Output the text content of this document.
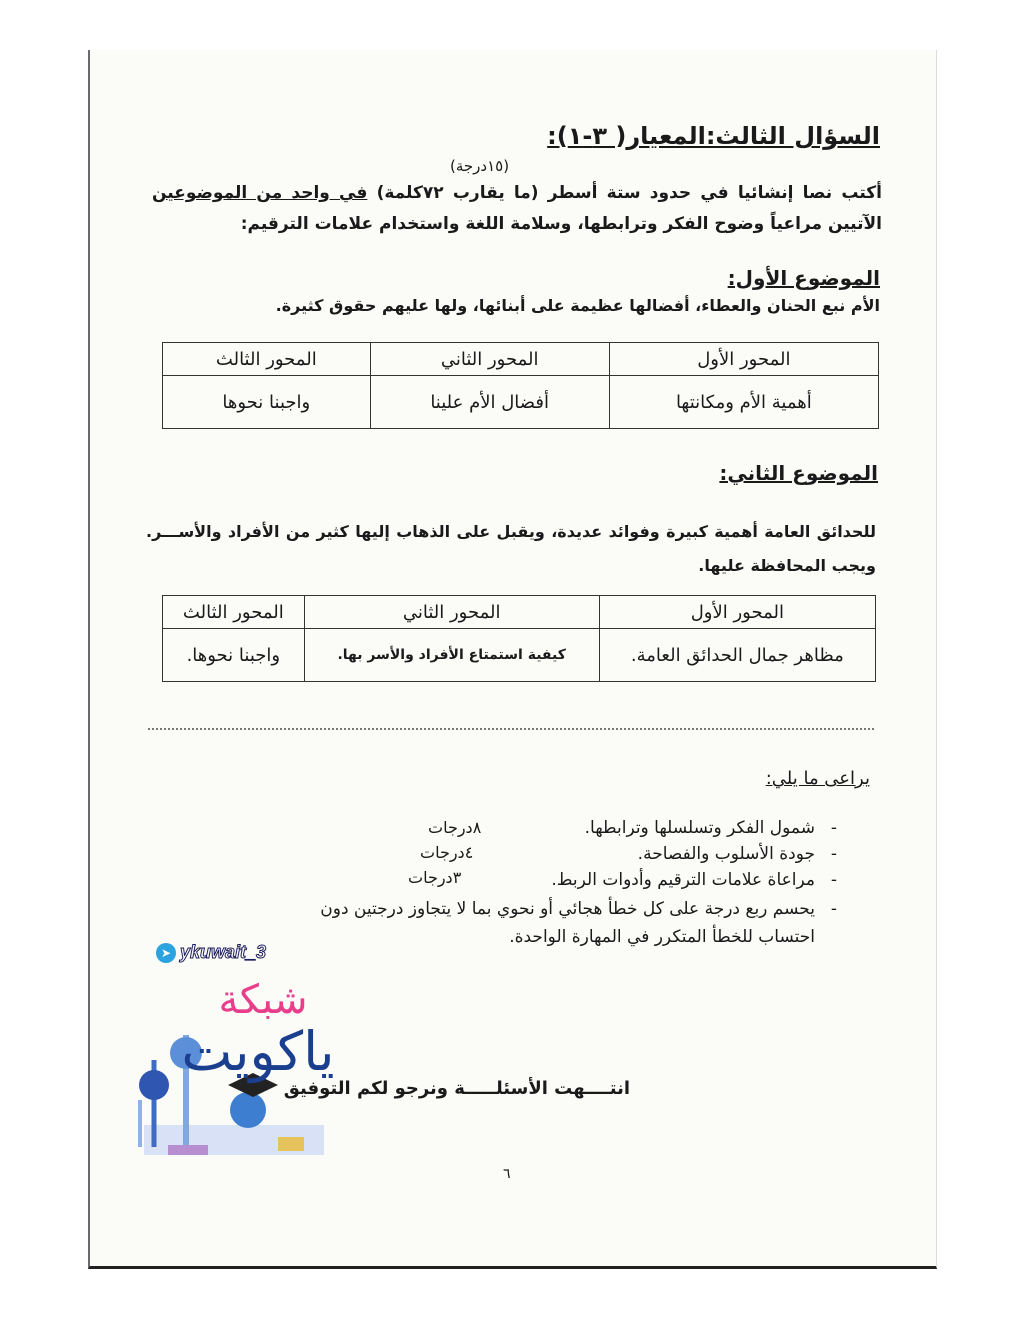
السؤال الثالث:المعيار( ٣-١):
(١٥درجة)
أكتب نصا إنشائيا في حدود ستة أسطر (ما يقارب ٧٢كلمة) في واحد من الموضوعين الآتيين مراعياً وضوح الفكر وترابطها، وسلامة اللغة واستخدام علامات الترقيم:
الموضوع الأول:
الأم نبع الحنان والعطاء، أفضالها عظيمة على أبنائها، ولها عليهم حقوق كثيرة.
المحور الأول	المحور الثاني	المحور الثالث
أهمية الأم ومكانتها	أفضال الأم علينا	واجبنا نحوها
الموضوع الثاني:
للحدائق العامة أهمية كبيرة وفوائد عديدة، ويقبل على الذهاب إليها كثير من الأفراد والأســـر. ويجب المحافظة عليها.
المحور الأول	المحور الثاني	المحور الثالث
مظاهر جمال الحدائق العامة.	كيفية استمتاع الأفراد والأسر بها.	واجبنا نحوها.
يراعى ما يلي:
-
شمول الفكر وتسلسلها وترابطها.
٨درجات
-
جودة الأسلوب والفصاحة.
٤درجات
-
مراعاة علامات الترقيم وأدوات الربط.
٣درجات
-
يحسم ربع درجة على كل خطأ هجائي أو نحوي بما لا يتجاوز درجتين دون احتساب للخطأ المتكرر في المهارة الواحدة.
➤ ykuwait_3
شبكة
ياكويت
انتــــهت الأسئلـــــة ونرجو لكم التوفيق
٦
